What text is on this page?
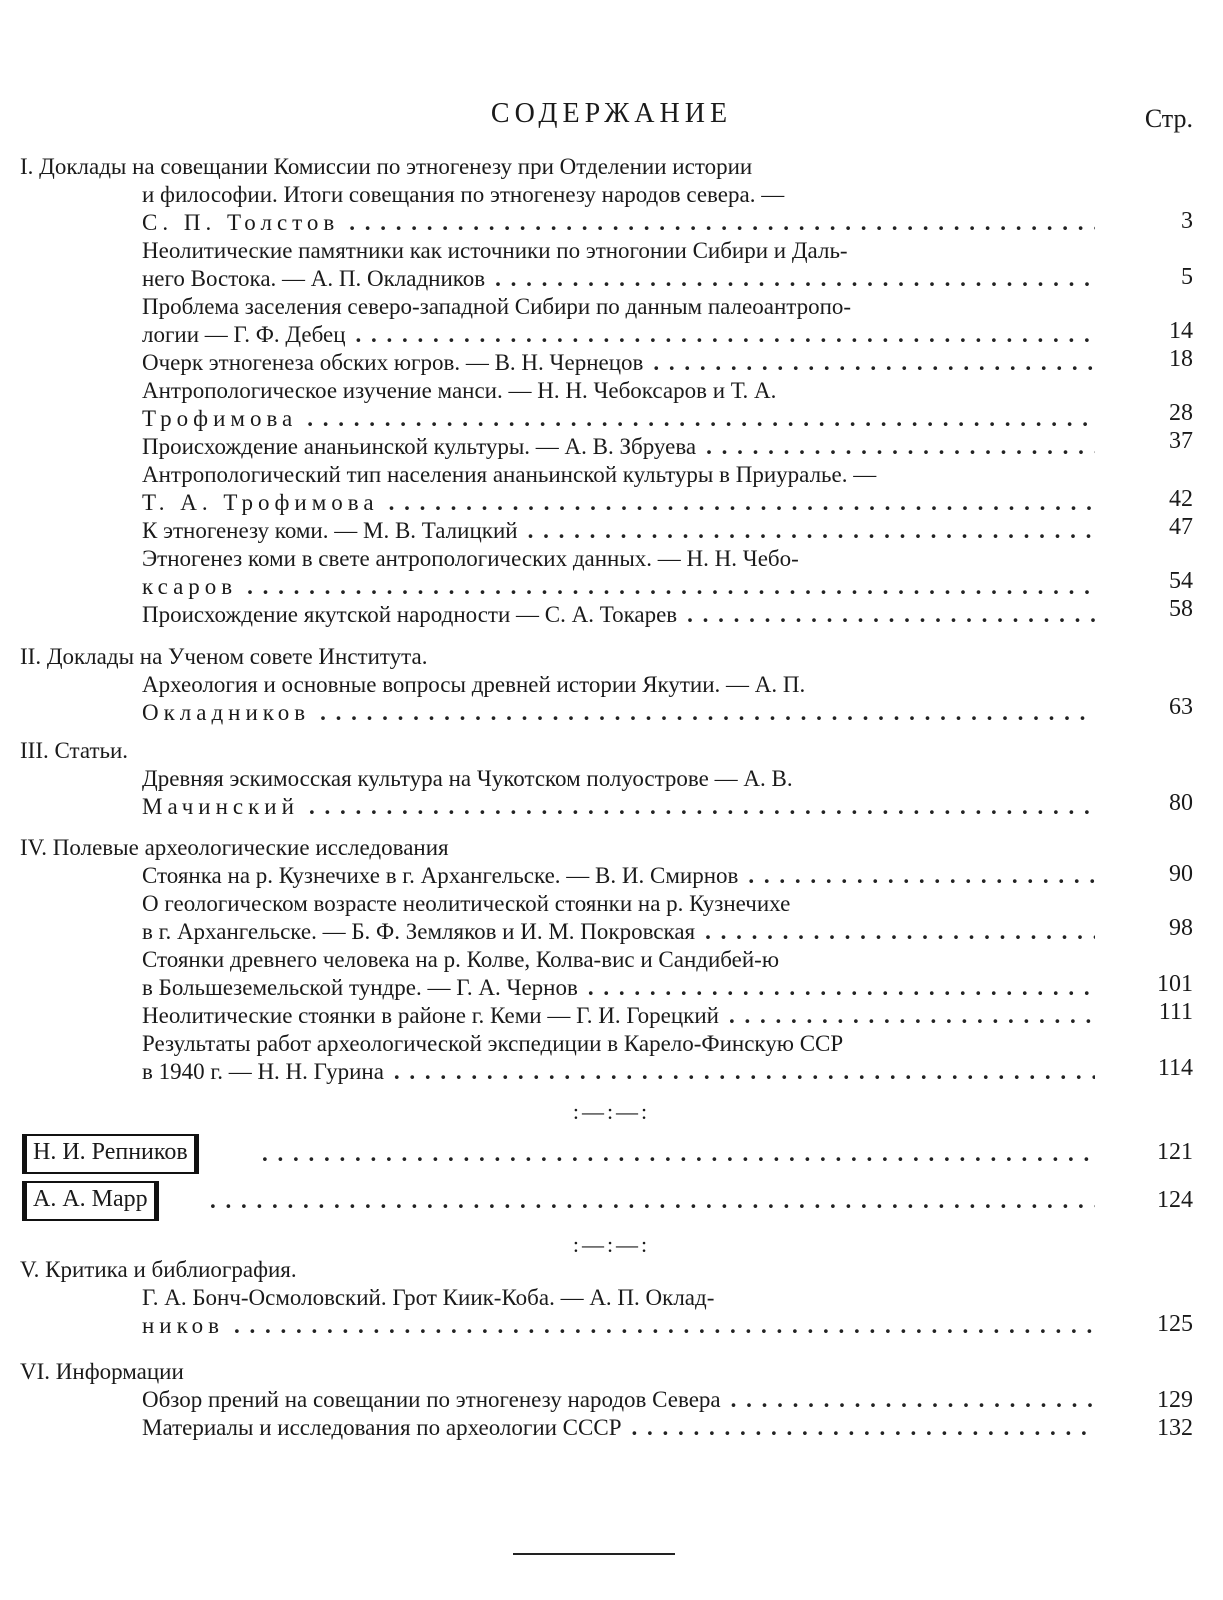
СОДЕРЖАНИЕ	Стр.
I. Доклады на совещании Комиссии по этногенезу при Отделении истории
и философии. Итоги совещания по этногенезу народов севера. —
С. П. Толстов . . .	3
Неолитические памятники как источники по этногонии Сибири и Даль-
него Востока. — А. П. Окладников . . .	5
Проблема заселения северо-западной Сибири по данным палеоантропо-
логии — Г. Ф. Дебец . . .	14
Очерк этногенеза обских югров. — В. Н. Чернецов . . .	18
Антропологическое изучение манси. — Н. Н. Чебоксаров и Т. А.
Трофимова . . .	28
Происхождение ананьинской культуры. — А. В. Збруева . . .	37
Антропологический тип населения ананьинской культуры в Приуралье. —
Т. А. Трофимова . . .	42
К этногенезу коми. — М. В. Талицкий . . .	47
Этногенез коми в свете антропологических данных. — Н. Н. Чебо-
ксаров . . .	54
Происхождение якутской народности — С. А. Токарев . . .	58
II. Доклады на Ученом совете Института.
Археология и основные вопросы древней истории Якутии. — А. П.
Окладников . . .	63
III. Статьи.
Древняя эскимосская культура на Чукотском полуострове — А. В.
Мачинский . . .	80
IV. Полевые археологические исследования
Стоянка на р. Кузнечихе в г. Архангельске. — В. И. Смирнов . . .	90
О геологическом возрасте неолитической стоянки на р. Кузнечихе
в г. Архангельске. — Б. Ф. Земляков и И. М. Покровская . . .	98
Стоянки древнего человека на р. Колве, Колва-вис и Сандибей-ю
в Большеземельской тундре. — Г. А. Чернов . . .	101
Неолитические стоянки в районе г. Кеми — Г. И. Горецкий . . .	111
Результаты работ археологической экспедиции в Карело-Финскую ССР
в 1940 г. — Н. Н. Гурина . . .	114
:—:—:
Н. И. Репников . . .	121
А. А. Марр . . .	124
:—:—:
V. Критика и библиография.
Г. А. Бонч-Осмоловский. Грот Киик-Коба. — А. П. Оклад-
ников . . .	125
VI. Информации
Обзор прений на совещании по этногенезу народов Севера . . .	129
Материалы и исследования по археологии СССР . . .	132
